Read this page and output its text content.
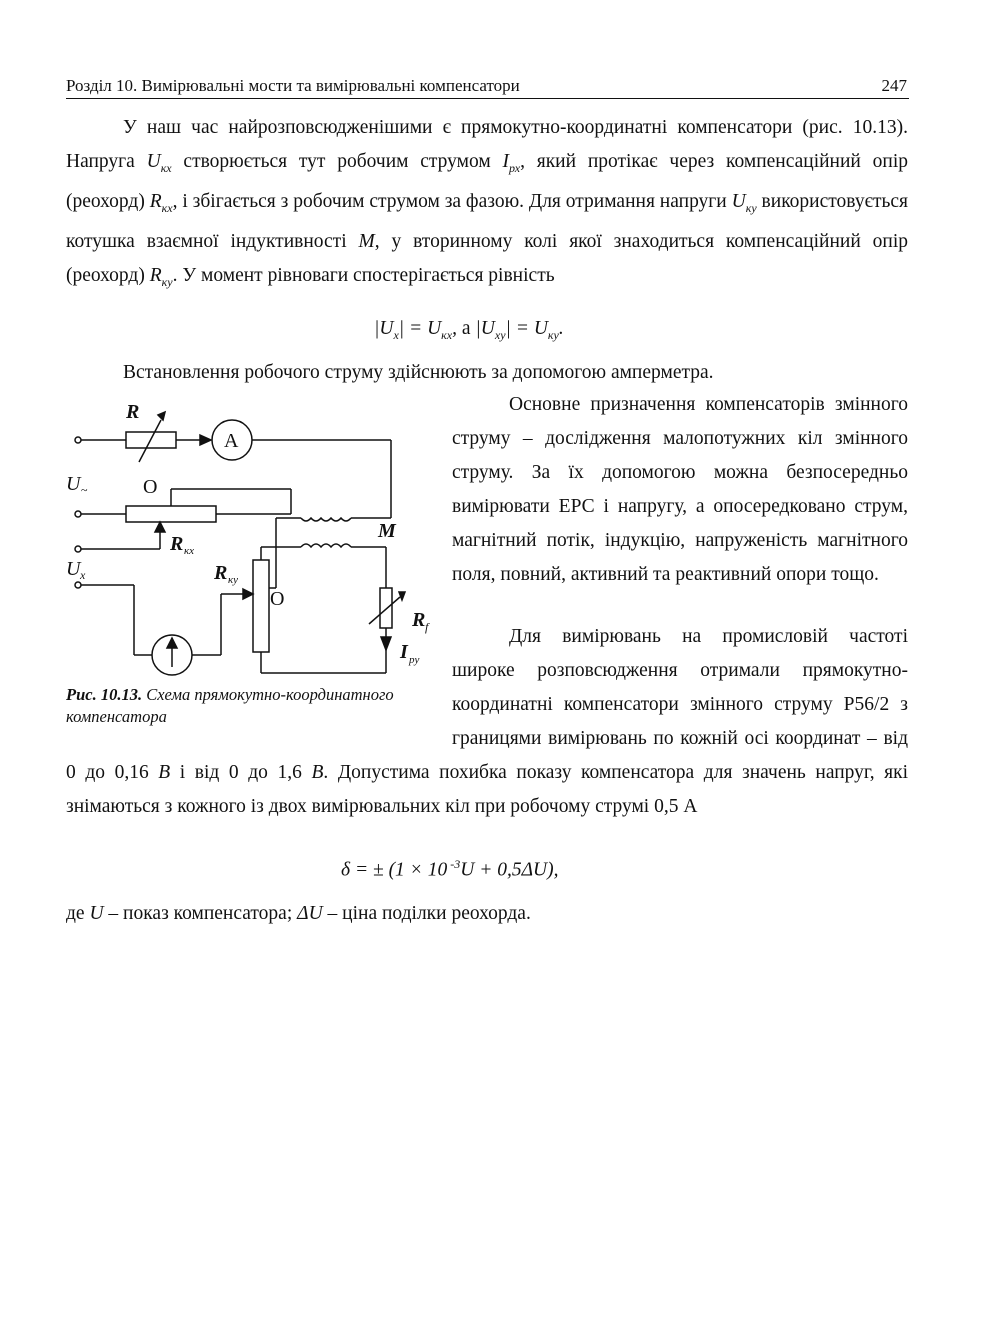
Розділ 10. Вимірювальні мости та вимірювальні компенсатори	247
У наш час найрозповсюдженішими є прямокутно-координатні компенсатори (рис. 10.13). Напруга $U_{кх}$ створюється тут робочим струмом $I_{рх}$, який протікає через компенсаційний опір (реохорд) $R_{кх}$, і збігається з робочим струмом за фазою. Для отримання напруги $U_{ку}$ використовується котушка взаємної індуктивності M, у вторинному колі якої знаходиться компенсаційний опір (реохорд) $R_{ку}$. У момент рівноваги спостерігається рівність
$|U_x| = U_{кх}$, а $|U_{xy}| = U_{ку}$.
Встановлення робочого струму здійснюють за допомогою амперметра.
R
A
U ~	O
M
R кх
U x	R ку
O
R f
I py
Рис. 10.13. Схема прямокутно-координатного компенсатора
Основне призначення компенсаторів змінного струму – дослідження малопотужних кіл змінного струму. За їх допомогою можна безпосередньо вимірювати ЕРС і напругу, а опосередковано струм, магнітний потік, індукцію, напруженість магнітного поля, повний, активний та реактивний опори тощо.
Для вимірювань на промисловій частоті широке розповсюдження отримали прямокутно-координатні компенсатори змінного струму Р56/2 з границями вимірювань по кожній осі координат – від 0 до 0,16 В і від 0 до 1,6 В. Допустима похибка показу компенсатора для значень напруг, які знімаються з кожного із двох вимірювальних кіл при робочому струмі 0,5 А
δ = ± (1 × 10 $^{-3}$U + 0,5ΔU),
де U – показ компенсатора; ΔU – ціна поділки реохорда.
